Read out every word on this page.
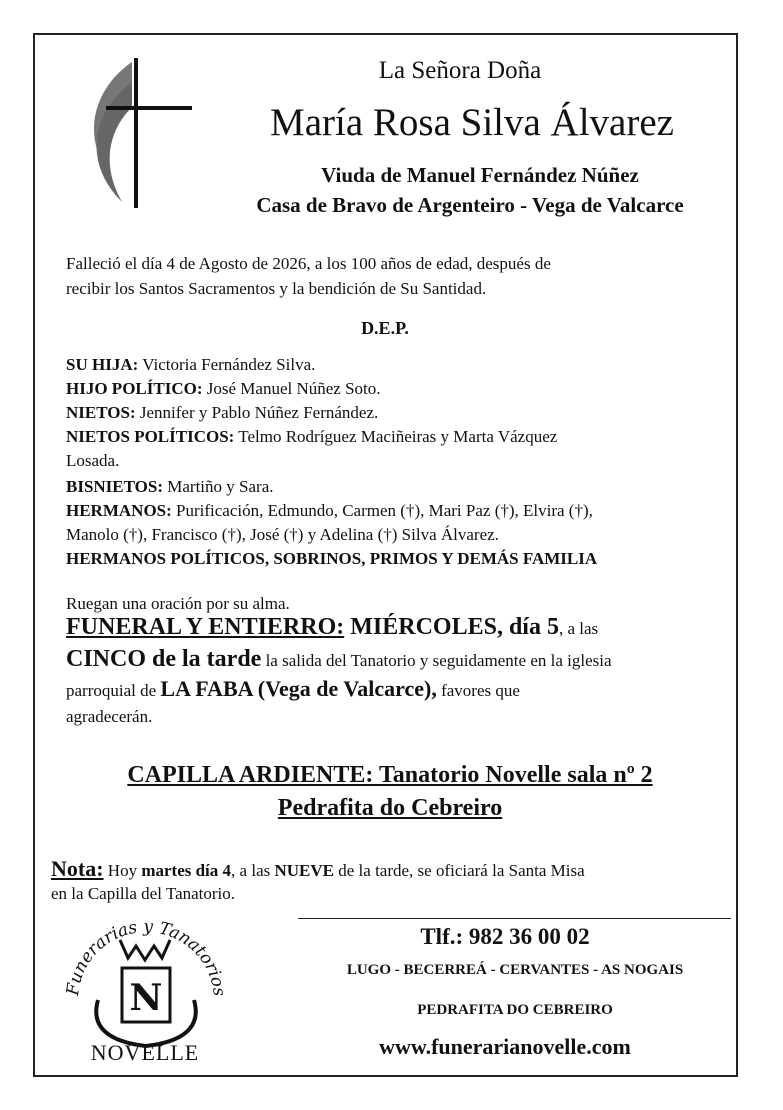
La Señora Doña
María Rosa Silva Álvarez
Viuda de Manuel Fernández Núñez
Casa de Bravo de Argenteiro - Vega de Valcarce
Falleció el día 4 de Agosto de 2026, a los 100 años de edad, después de
recibir los Santos Sacramentos y la bendición de Su Santidad.
D.E.P.
SU HIJA: Victoria Fernández Silva.
HIJO POLÍTICO: José Manuel Núñez Soto.
NIETOS: Jennifer y Pablo Núñez Fernández.
NIETOS POLÍTICOS: Telmo Rodríguez Maciñeiras y Marta Vázquez
Losada.
BISNIETOS: Martiño y Sara.
HERMANOS: Purificación, Edmundo, Carmen (†), Mari Paz (†), Elvira (†),
Manolo (†), Francisco (†), José (†) y Adelina (†) Silva Álvarez.
HERMANOS POLÍTICOS, SOBRINOS, PRIMOS Y DEMÁS FAMILIA
Ruegan una oración por su alma.
FUNERAL Y ENTIERRO: MIÉRCOLES, día 5, a las
CINCO de la tarde la salida del Tanatorio y seguidamente en la iglesia
parroquial de LA FABA (Vega de Valcarce), favores que
agradecerán.
CAPILLA ARDIENTE: Tanatorio Novelle sala nº 2
Pedrafita do Cebreiro
Nota: Hoy martes día 4, a las NUEVE de la tarde, se oficiará la Santa Misa
en la Capilla del Tanatorio.
Funerarias y Tanatorios
N
NOVELLE
Tlf.: 982 36 00 02
LUGO - BECERREÁ - CERVANTES - AS NOGAIS
PEDRAFITA DO CEBREIRO
www.funerarianovelle.com
